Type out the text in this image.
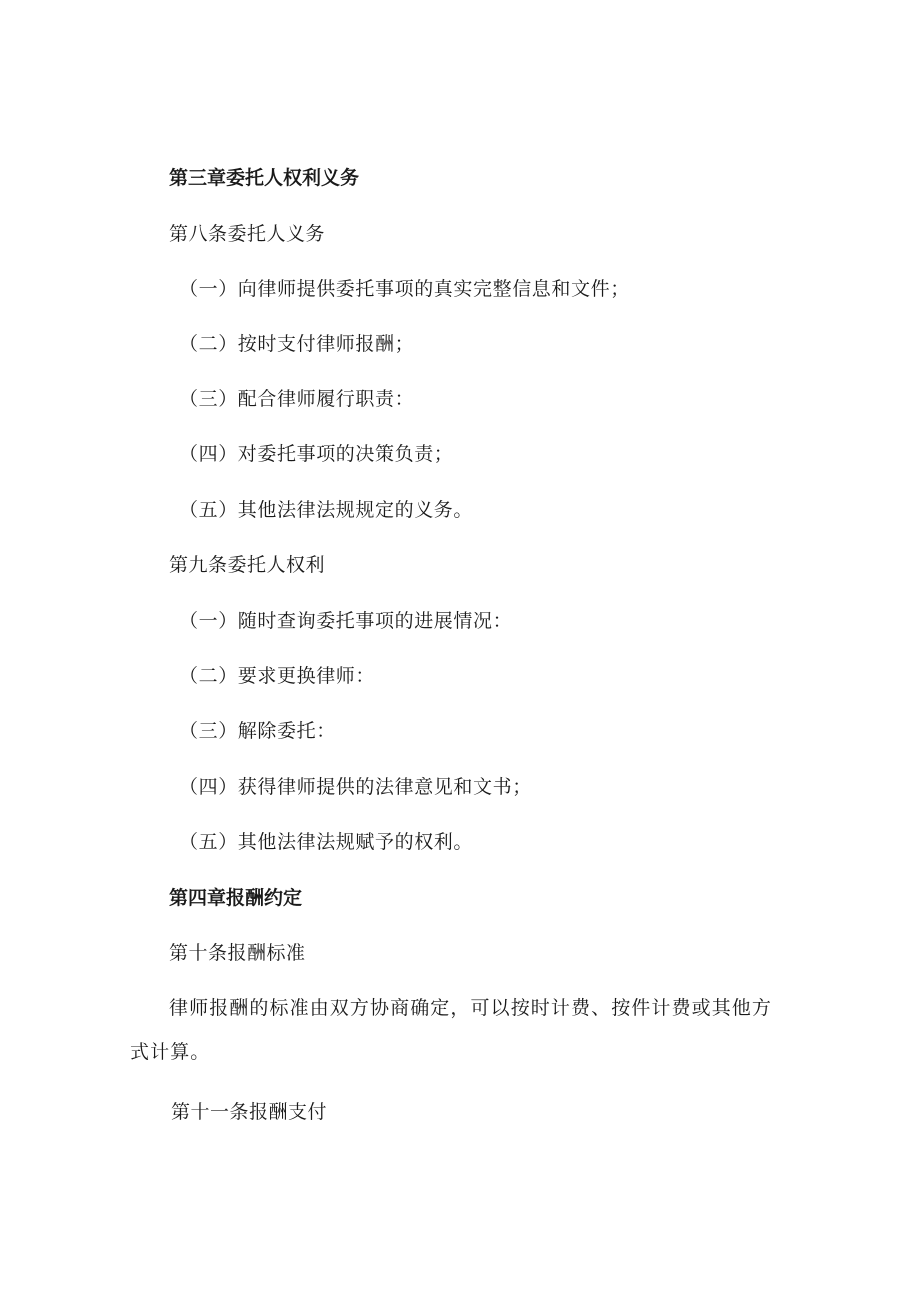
第三章委托人权利义务
第八条委托人义务
（一）向律师提供委托事项的真实完整信息和文件；
（二）按时支付律师报酬；
（三）配合律师履行职责：
（四）对委托事项的决策负责；
（五）其他法律法规规定的义务。
第九条委托人权利
（一）随时查询委托事项的进展情况：
（二）要求更换律师：
（三）解除委托：
（四）获得律师提供的法律意见和文书；
（五）其他法律法规赋予的权利。
第四章报酬约定
第十条报酬标准
律师报酬的标准由双方协商确定，可以按时计费、按件计费或其他方
式计算。
第十一条报酬支付
